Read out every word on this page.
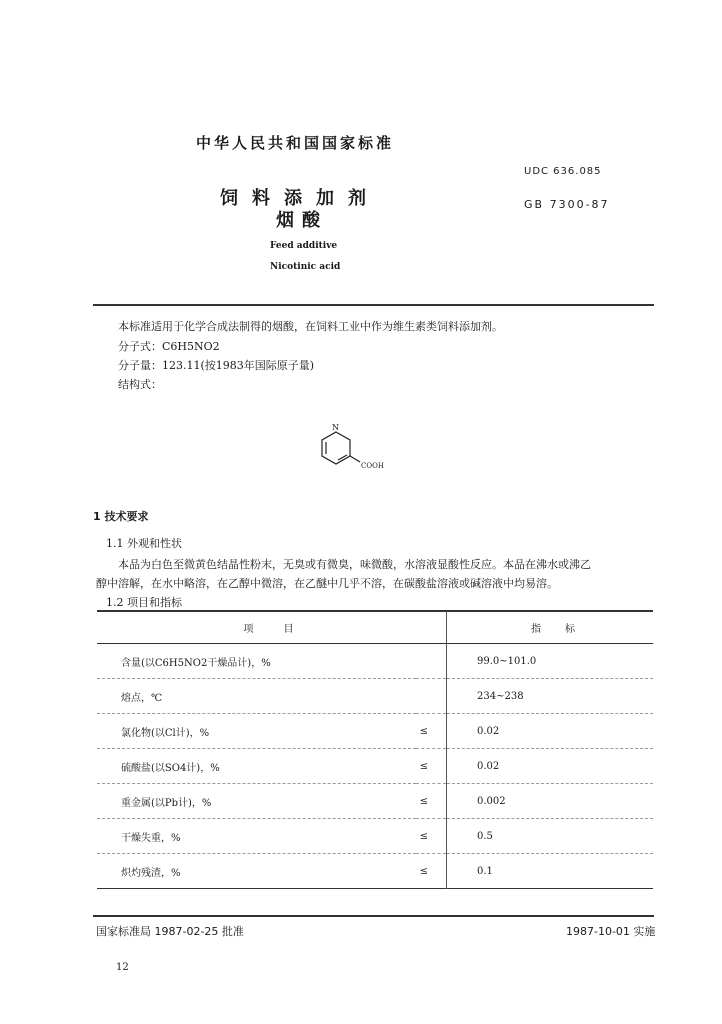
中华人民共和国国家标准
UDC 636.085
GB 7300-87
饲料添加剂
烟酸
Feed additive
Nicotinic acid
本标准适用于化学合成法制得的烟酸，在饲料工业中作为维生素类饲料添加剂。
分子式：C6H5NO2
分子量：123.11(按1983年国际原子量)
结构式：
N
COOH
1 技术要求
1.1 外观和性状
本品为白色至微黄色结晶性粉末，无臭或有微臭，味微酸，水溶液显酸性反应。本品在沸水或沸乙
醇中溶解，在水中略溶，在乙醇中微溶，在乙醚中几乎不溶，在碳酸盐溶液或碱溶液中均易溶。
1.2 项目和指标
项目		指标
含量(以C6H5NO2干燥品计)，%		99.0~101.0
熔点，℃		234~238
氯化物(以Cl计)，%	≤	0.02
硫酸盐(以SO4计)，%	≤	0.02
重金属(以Pb计)，%	≤	0.002
干燥失重，%	≤	0.5
炽灼残渣，%	≤	0.1
国家标准局 1987-02-25 批准	1987-10-01 实施
12
